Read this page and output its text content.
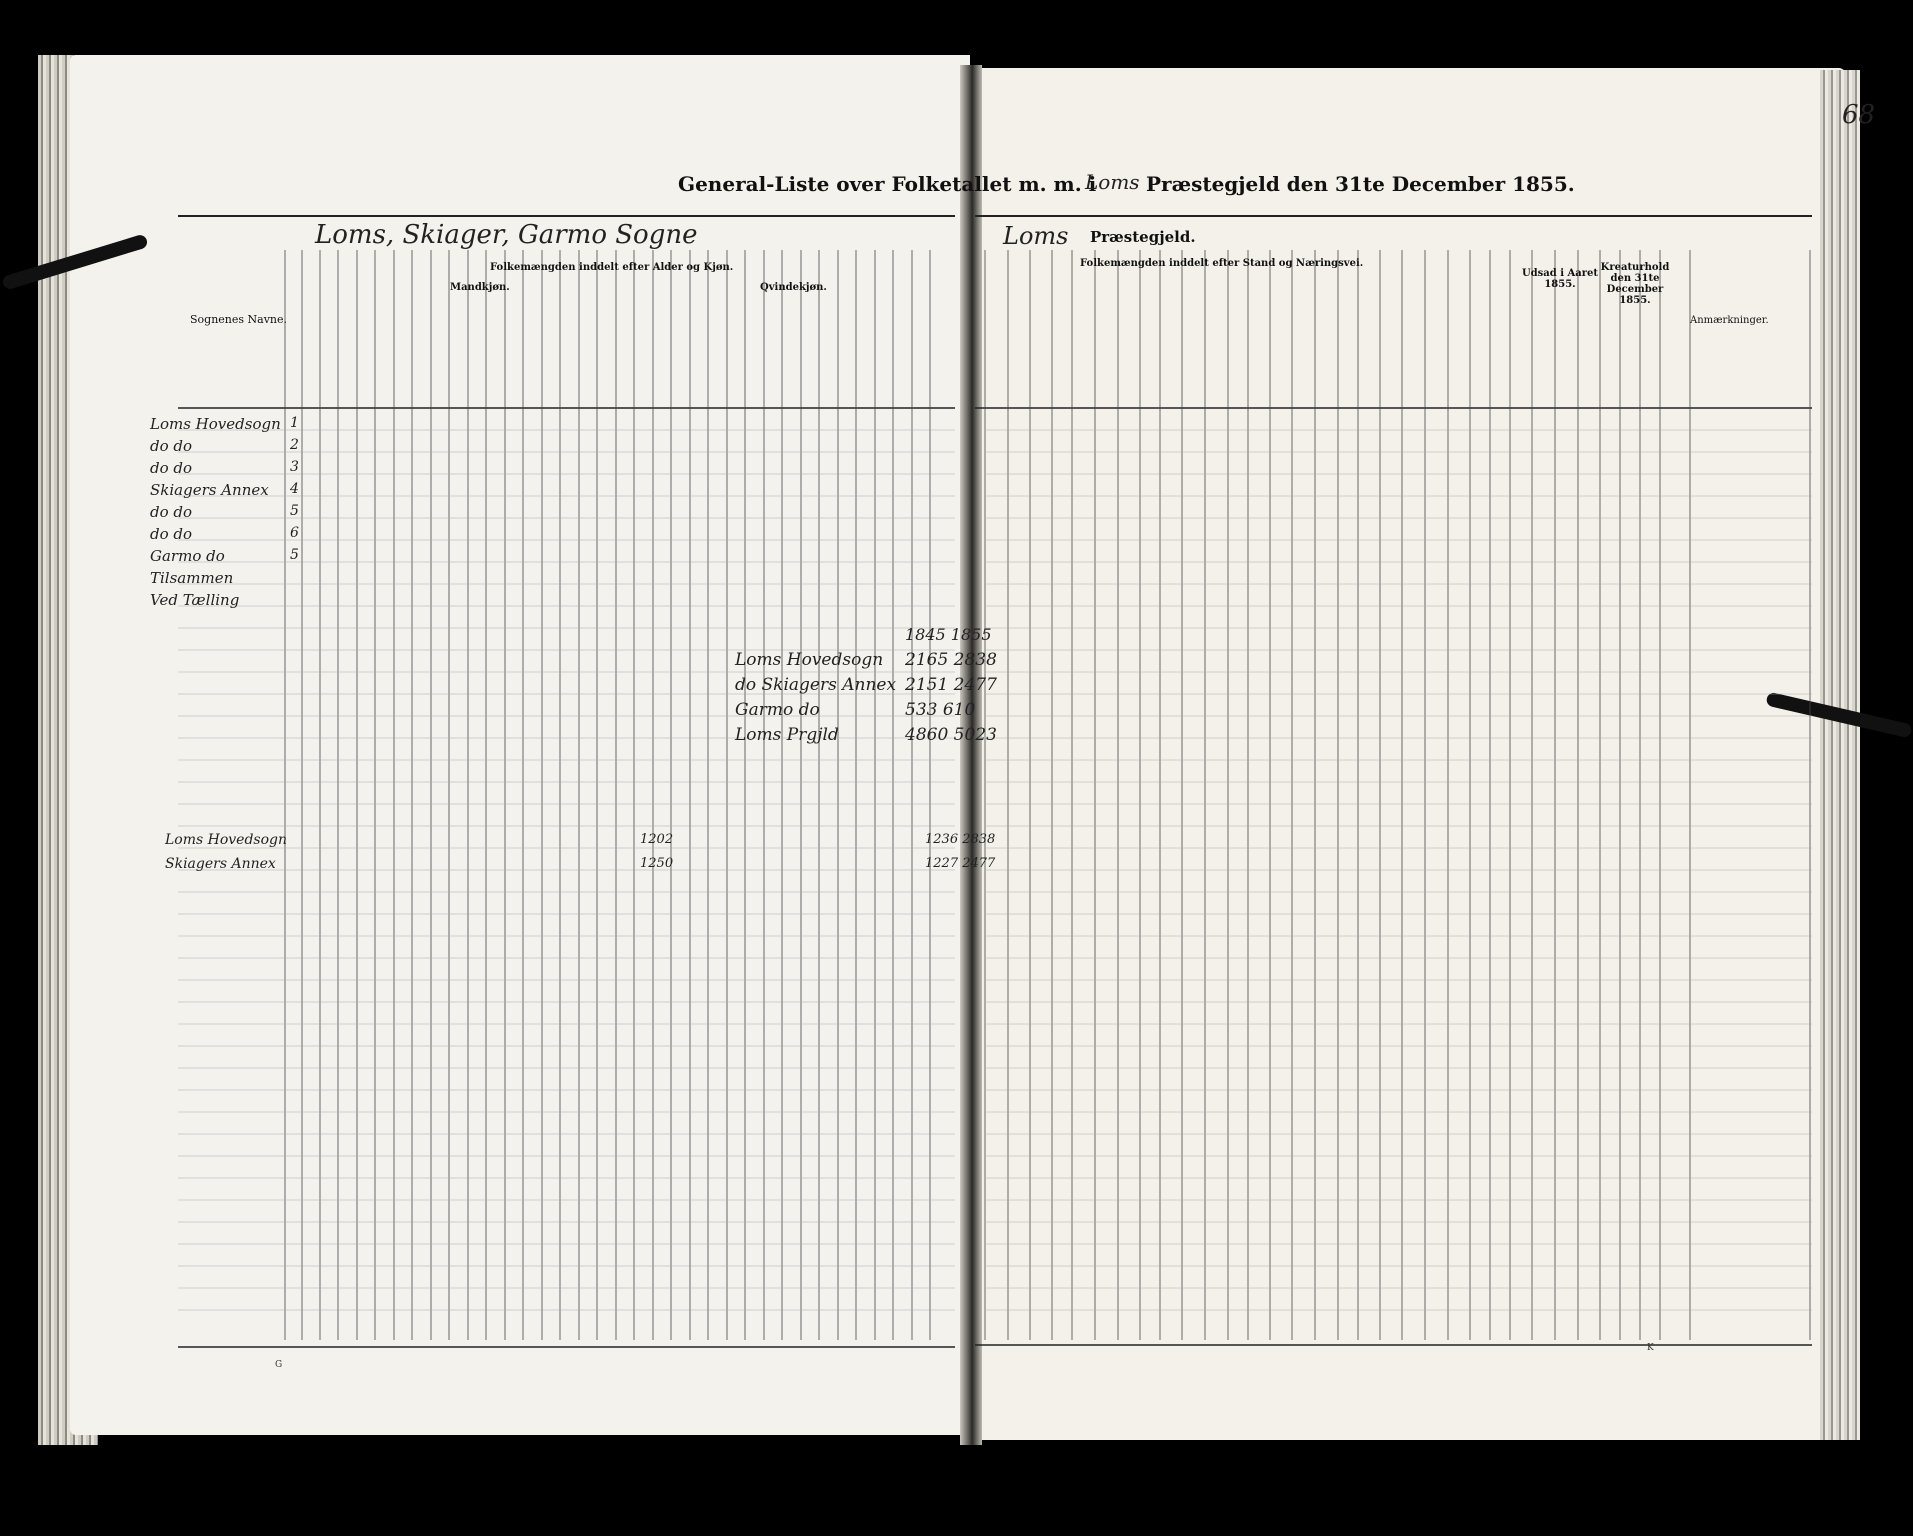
68
General-Liste over Folketallet m. m. i
Loms Præstegjeld den 31te December 1855.
Loms, Skiager, Garmo Sogne	Loms Præstegjeld.
Sognenes Navne.
Folkemængden inddelt efter Alder og Kjøn.
Mandkjøn.	Qvindekjøn.
Folkemængden inddelt efter Stand og Næringsvei.
Udsad i Aaret 1855.
Kreaturhold den 31te December 1855.
Anmærkninger.
Loms Hovedsogn 1
do do	2
do do	3
Skiagers Annex 4
do do	5
do do	6
Garmo do	5
Tilsammen
Ved Tælling
1845 1855
Loms Hovedsogn 2165 2838
do Skiagers Annex 2151 2477
Garmo do	533 610
Loms Prgjld	4860 5023
Loms Hovedsogn	1202	1236 2838
Skiagers Annex	1250	1227 2477
G
K
